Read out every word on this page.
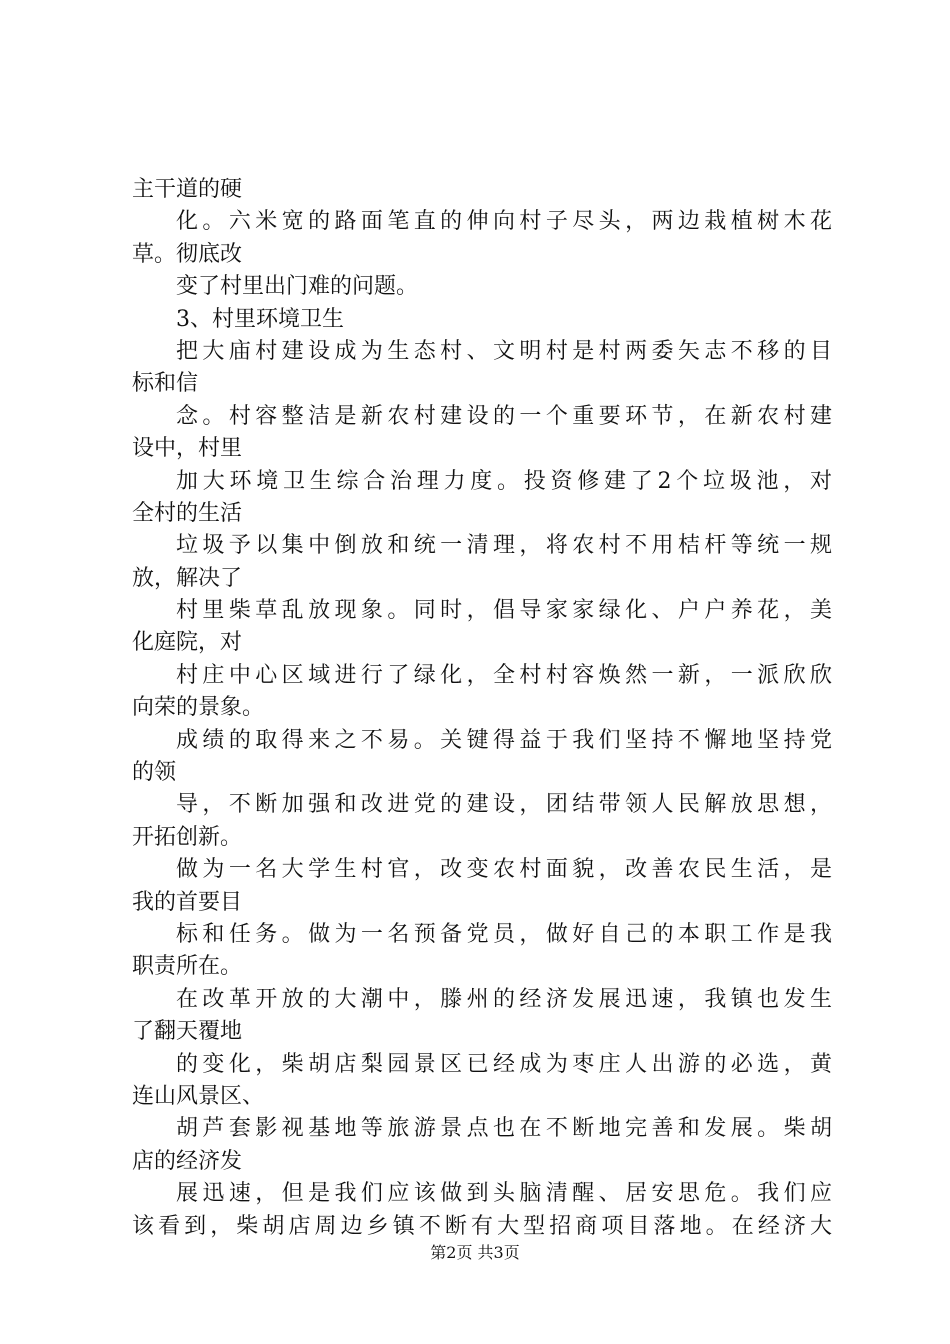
主干道的硬
化。六米宽的路面笔直的伸向村子尽头，两边栽植树木花
草。彻底改
变了村里出门难的问题。
3、村里环境卫生
把大庙村建设成为生态村、文明村是村两委矢志不移的目
标和信
念。村容整洁是新农村建设的一个重要环节，在新农村建
设中，村里
加大环境卫生综合治理力度。投资修建了2个垃圾池，对
全村的生活
垃圾予以集中倒放和统一清理，将农村不用桔杆等统一规
放，解决了
村里柴草乱放现象。同时，倡导家家绿化、户户养花，美
化庭院，对
村庄中心区域进行了绿化，全村村容焕然一新，一派欣欣
向荣的景象。
成绩的取得来之不易。关键得益于我们坚持不懈地坚持党
的领
导，不断加强和改进党的建设，团结带领人民解放思想，
开拓创新。
做为一名大学生村官，改变农村面貌，改善农民生活，是
我的首要目
标和任务。做为一名预备党员，做好自己的本职工作是我
职责所在。
在改革开放的大潮中，滕州的经济发展迅速，我镇也发生
了翻天覆地
的变化，柴胡店梨园景区已经成为枣庄人出游的必选，黄
连山风景区、
胡芦套影视基地等旅游景点也在不断地完善和发展。柴胡
店的经济发
展迅速，但是我们应该做到头脑清醒、居安思危。我们应
该看到，柴胡店周边乡镇不断有大型招商项目落地。在经济大
第2页 共3页
